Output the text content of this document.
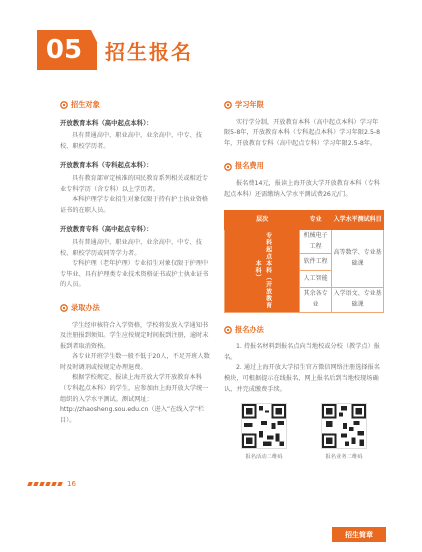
05	招生报名
招生对象
开放教育本科（高中起点本科）：

具有普通高中、职业高中、业余高中、中专、技校、职校学历者。

开放教育本科（专科起点本科）：

具有教育部审定核准的国民教育系列相关或相近专业专科学历（含专科）以上学历者。

本科护理学专业招生对象仅限于持有护士执业资格证书的在职人员。

开放教育专科（高中起点专科）：

具有普通高中、职业高中、业余高中、中专、技校、职校学历或同等学力者。

专科护理（老年护理）专业招生对象仅限于护理中专毕业、具有护理类专业技术资格证书或护士执业证书的人员。

录取办法

学生经审核符合入学资格，学校将发放入学通知书及注册报到须知。学生应按规定时间报到注册，逾时未报到者取消资格。

各专业开班学生数一般不低于20人，不足开班人数时及时调剂或按规定办理退费。

根据学校规定，报读上海开放大学开放教育本科（专科起点本科）的学生，应参加由上海开放大学统一组织的入学水平测试。测试网址：http://zhaosheng.sou.edu.cn（进入“在线入学”栏目）。

学习年限

实行学分制，开放教育本科（高中起点本科）学习年限5-8年，开放教育本科（专科起点本科）学习年限2.5-8年，开放教育专科（高中起点专科）学习年限2.5-8年。

报名费用

报名费14元，报读上海开放大学开放教育本科（专科起点本科）还需缴纳入学水平测试费26元/门。

层次	专业	入学水平测试科目
专科起点本科（开放教育本科）	机械电子工程	高等数学、专业基础课
	软件工程	
	人工智能	
	其余各专业	入学语文、专业基础课
报名办法

1. 持报名材料到报名点向当地校或分校（教学点）报名。

2. 通过上海开放大学招生官方微信网络注册选择报名模块，可根据提示在线报名，网上报名后到当地校现场确认，并完成缴费手续。

报名活动二维码	报名业务二维码
16
招生简章
